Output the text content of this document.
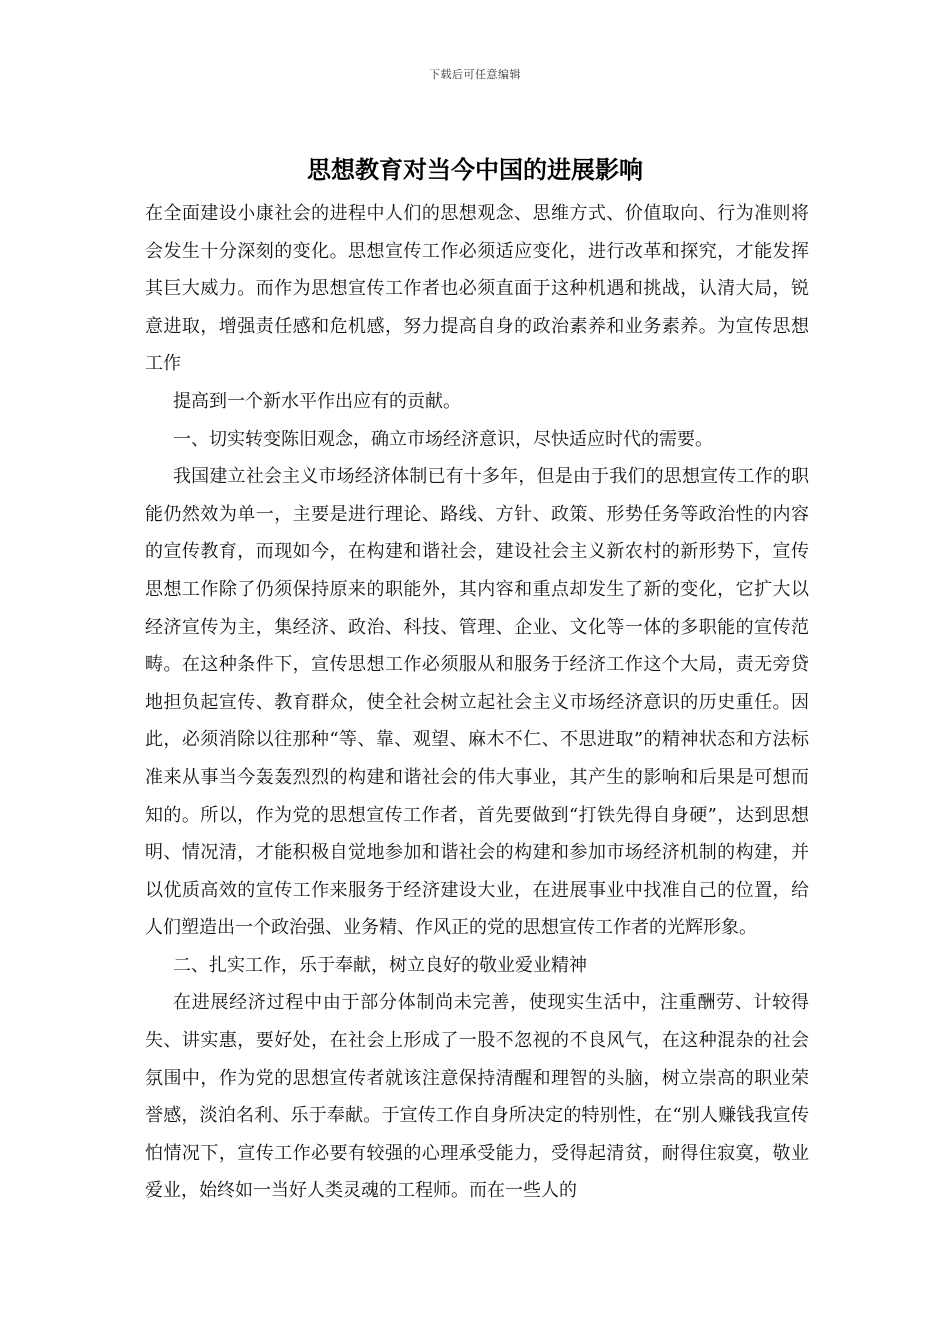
下载后可任意编辑
思想教育对当今中国的进展影响

在全面建设小康社会的进程中人们的思想观念、思维方式、价值取向、行为准则将会发生十分深刻的变化。思想宣传工作必须适应变化，进行改革和探究，才能发挥其巨大威力。而作为思想宣传工作者也必须直面于这种机遇和挑战，认清大局，锐意进取，增强责任感和危机感，努力提高自身的政治素养和业务素养。为宣传思想工作

提高到一个新水平作出应有的贡献。

一、切实转变陈旧观念，确立市场经济意识，尽快适应时代的需要。

我国建立社会主义市场经济体制已有十多年，但是由于我们的思想宣传工作的职能仍然效为单一，主要是进行理论、路线、方针、政策、形势任务等政治性的内容的宣传教育，而现如今，在构建和谐社会，建设社会主义新农村的新形势下，宣传思想工作除了仍须保持原来的职能外，其内容和重点却发生了新的变化，它扩大以经济宣传为主，集经济、政治、科技、管理、企业、文化等一体的多职能的宣传范畴。在这种条件下，宣传思想工作必须服从和服务于经济工作这个大局，责无旁贷地担负起宣传、教育群众，使全社会树立起社会主义市场经济意识的历史重任。因此，必须消除以往那种“等、靠、观望、麻木不仁、不思进取”的精神状态和方法标准来从事当今轰轰烈烈的构建和谐社会的伟大事业，其产生的影响和后果是可想而知的。所以，作为党的思想宣传工作者，首先要做到“打铁先得自身硬”，达到思想明、情况清，才能积极自觉地参加和谐社会的构建和参加市场经济机制的构建，并以优质高效的宣传工作来服务于经济建设大业，在进展事业中找准自己的位置，给人们塑造出一个政治强、业务精、作风正的党的思想宣传工作者的光辉形象。

二、扎实工作，乐于奉献，树立良好的敬业爱业精神

在进展经济过程中由于部分体制尚未完善，使现实生活中，注重酬劳、计较得失、讲实惠，要好处，在社会上形成了一股不忽视的不良风气，在这种混杂的社会氛围中，作为党的思想宣传者就该注意保持清醒和理智的头脑，树立崇高的职业荣誉感，淡泊名利、乐于奉献。于宣传工作自身所决定的特别性，在“别人赚钱我宣传怕情况下，宣传工作必要有较强的心理承受能力，受得起清贫，耐得住寂寞，敬业爱业，始终如一当好人类灵魂的工程师。而在一些人的
